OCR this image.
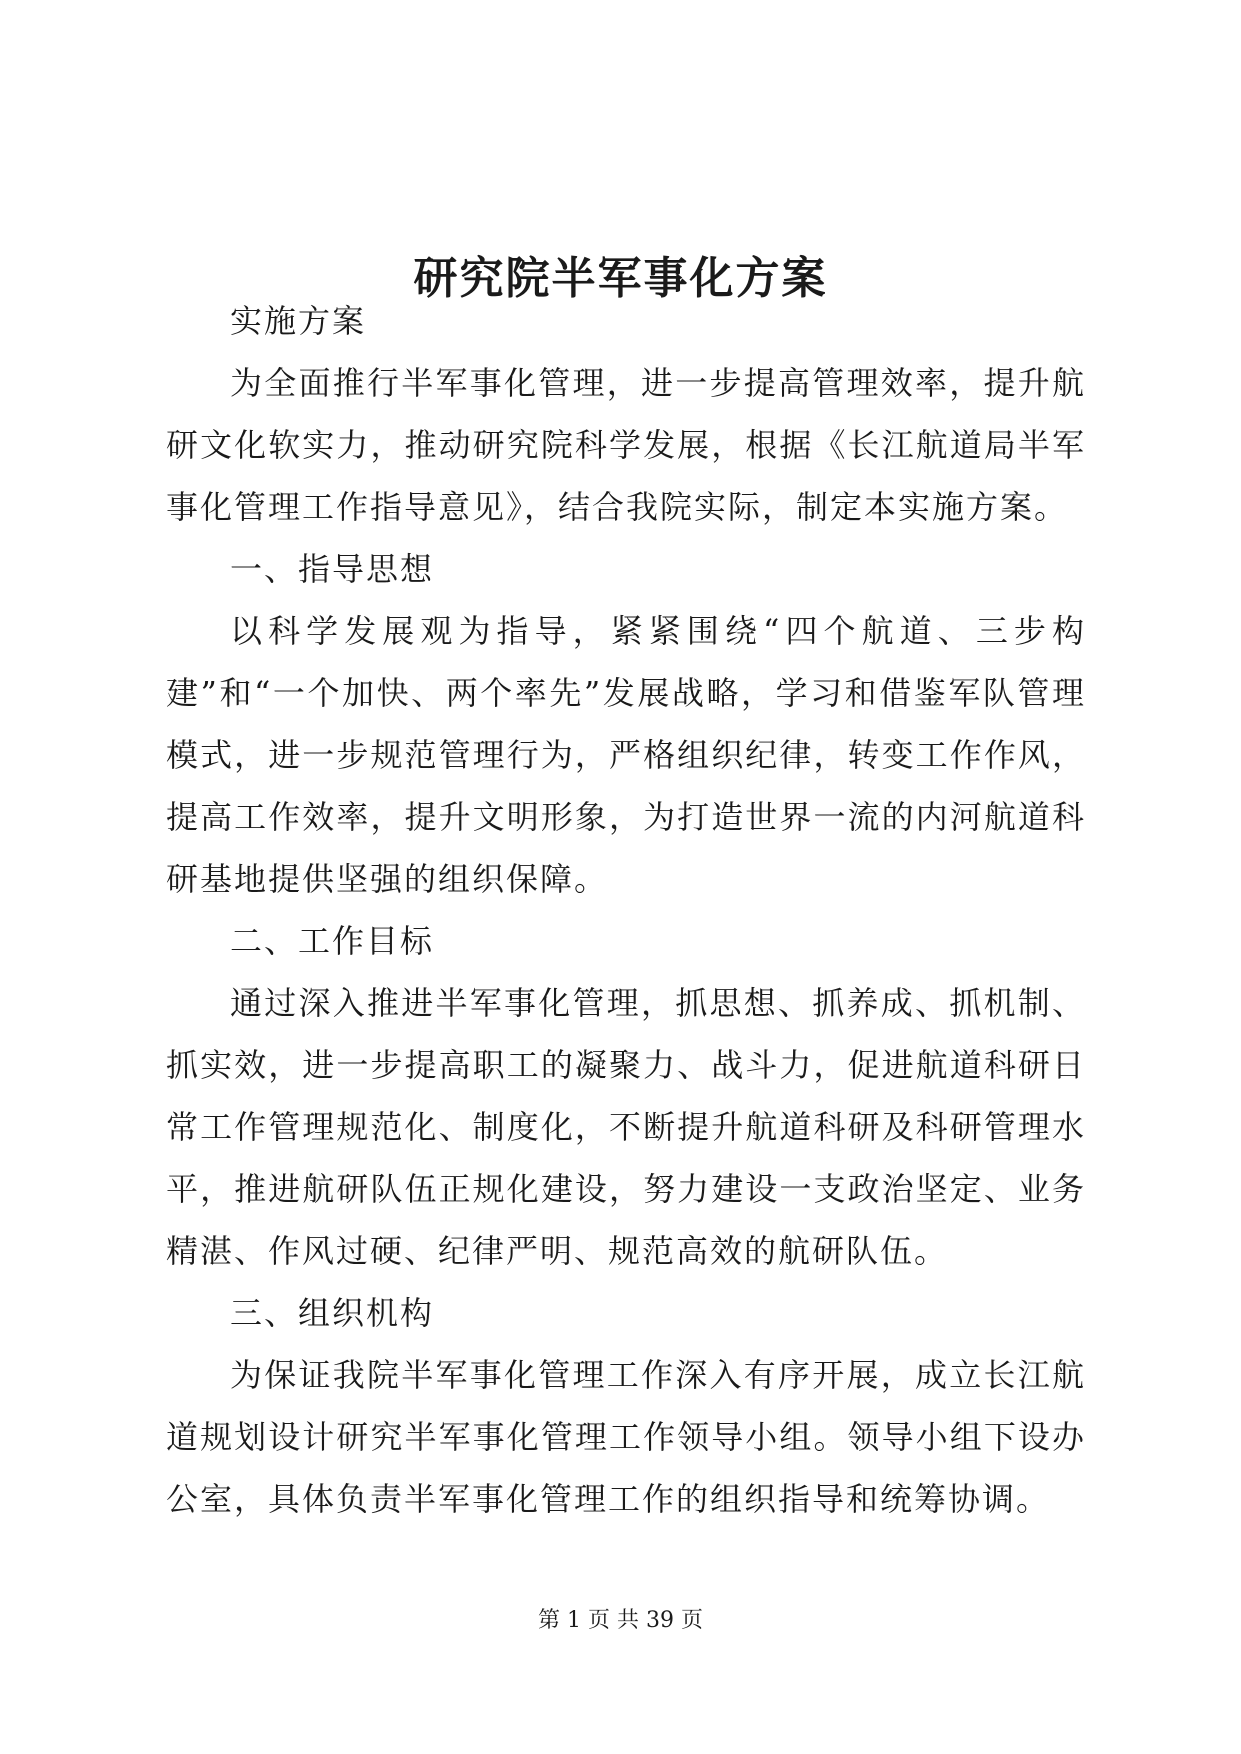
研究院半军事化方案

实施方案

为全面推行半军事化管理，进一步提高管理效率，提升航研文化软实力，推动研究院科学发展，根据《长江航道局半军事化管理工作指导意见》，结合我院实际，制定本实施方案。

一、指导思想

以科学发展观为指导，紧紧围绕“四个航道、三步构建”和“一个加快、两个率先”发展战略，学习和借鉴军队管理模式，进一步规范管理行为，严格组织纪律，转变工作作风，提高工作效率，提升文明形象，为打造世界一流的内河航道科研基地提供坚强的组织保障。

二、工作目标

通过深入推进半军事化管理，抓思想、抓养成、抓机制、抓实效，进一步提高职工的凝聚力、战斗力，促进航道科研日常工作管理规范化、制度化，不断提升航道科研及科研管理水平，推进航研队伍正规化建设，努力建设一支政治坚定、业务精湛、作风过硬、纪律严明、规范高效的航研队伍。

三、组织机构

为保证我院半军事化管理工作深入有序开展，成立长江航道规划设计研究半军事化管理工作领导小组。领导小组下设办公室，具体负责半军事化管理工作的组织指导和统筹协调。

第 1 页 共 39 页
